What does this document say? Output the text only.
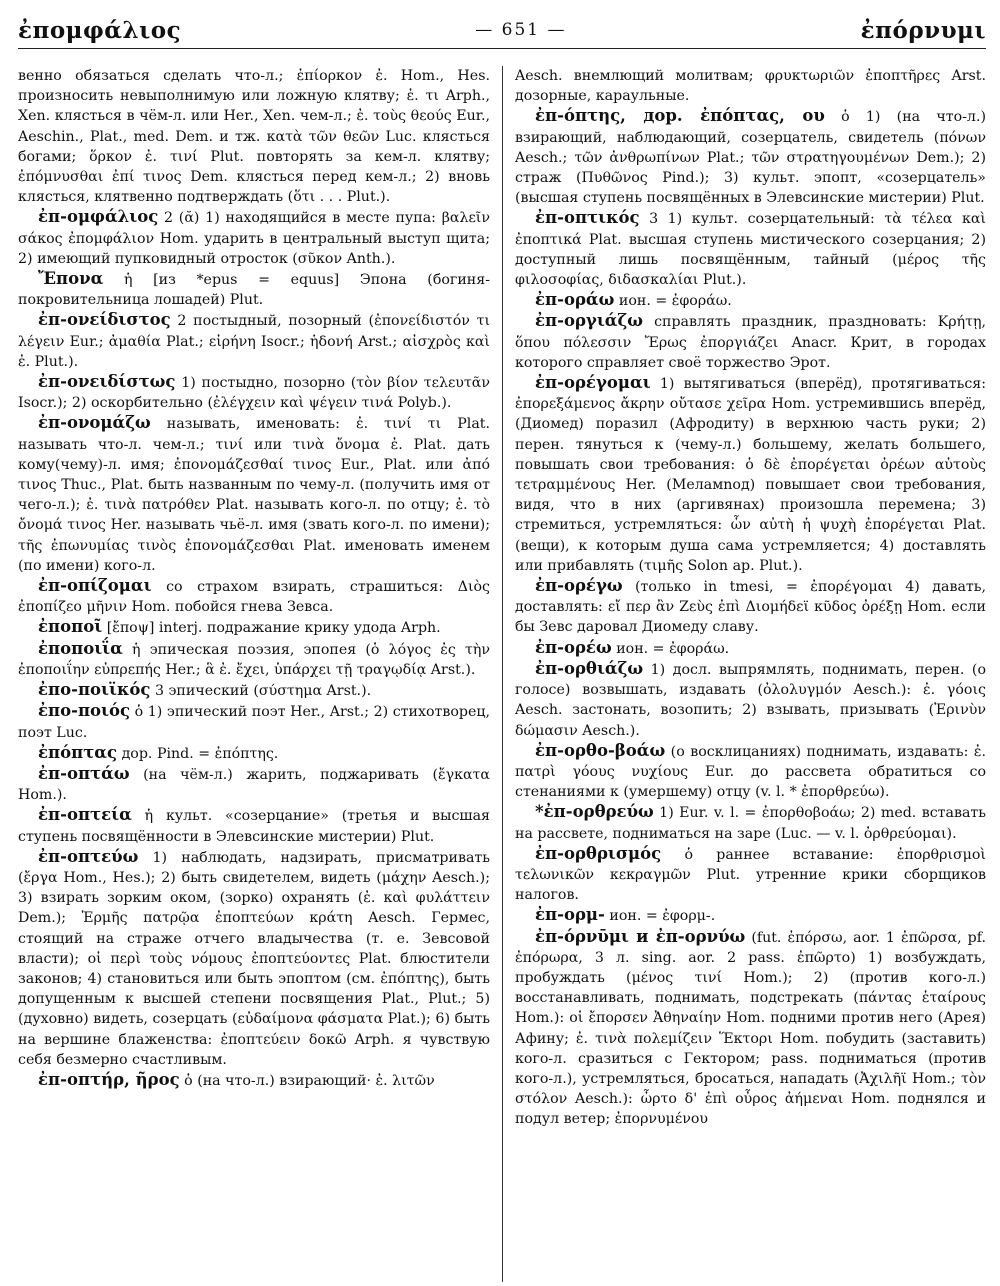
ἐπομφάλιος	— 651 —	ἐπόρνυμι

венно обязаться сделать что-л.; ἐπίορκον ἐ. Hom., Hes. произносить невыполнимую или ложную клятву; ἐ. τι Arph., Xen. клясться в чём-л. или Her., Xen. чем-л.; ἐ. τοὺς θεούς Eur., Aeschin., Plat., med. Dem. и тж. κατὰ τῶν θεῶν Luc. клясться богами; ὅρκον ἐ. τινί Plut. повторять за кем-л. клятву; ἐπόμνυσθαι ἐπί τινος Dem. клясться перед кем-л.; 2) вновь клясться, клятвенно подтверждать (ὅτι . . . Plut.).

ἐπ-ομφάλιος 2 (ᾰ) 1) находящийся в месте пупа: βαλεῖν σάκος ἐπομφάλιον Hom. ударить в центральный выступ щита; 2) имеющий пупковидный отросток (σῦκον Anth.).

Ἔπονα ἡ [из *epus = equus] Эпона (богиня-покровительница лошадей) Plut.

ἐπ-ονείδιστος 2 постыдный, позорный (ἐπονείδιστόν τι λέγειν Eur.; ἀμαθία Plat.; εἰρήνη Isocr.; ἡδονή Arst.; αἰσχρὸς καὶ ἐ. Plut.).

ἐπ-ονειδίστως 1) постыдно, позорно (τὸν βίον τελευτᾶν Isocr.); 2) оскорбительно (ἐλέγχειν καὶ ψέγειν τινά Polyb.).

ἐπ-ονομάζω называть, именовать: ἐ. τινί τι Plat. называть что-л. чем-л.; τινί или τινὰ ὄνομα ἐ. Plat. дать кому(чему)-л. имя; ἐπονομάζεσθαί τινος Eur., Plat. или ἀπό τινος Thuc., Plat. быть названным по чему-л. (получить имя от чего-л.); ἐ. τινὰ πατρόθεν Plat. называть кого-л. по отцу; ἐ. τὸ ὄνομά τινος Her. называть чьё-л. имя (звать кого-л. по имени); τῆς ἐπωνυμίας τινὸς ἐπονομάζεσθαι Plat. именовать именем (по имени) кого-л.

ἐπ-οπίζομαι со страхом взирать, страшиться: Διὸς ἐποπίζεο μῆνιν Hom. побойся гнева Зевса.

ἐποποῖ [ἔποψ] interj. подражание крику удода Arph.

ἐποποιΐα ἡ эпическая поэзия, эпопея (ὁ λόγος ἐς τὴν ἐποποιΐην εὐπρεπής Her.; ἃ ἐ. ἔχει, ὑπάρχει τῇ τραγῳδίᾳ Arst.).

ἐπο-ποιϊκός 3 эпический (σύστημα Arst.).

ἐπο-ποιός ὁ 1) эпический поэт Her., Arst.; 2) стихотворец, поэт Luc.

ἐπόπτας дор. Pind. = ἐπόπτης.

ἐπ-οπτάω (на чём-л.) жарить, поджаривать (ἔγκατα Hom.).

ἐπ-οπτεία ἡ культ. «созерцание» (третья и высшая ступень посвящённости в Элевсинские мистерии) Plut.

ἐπ-οπτεύω 1) наблюдать, надзирать, присматривать (ἔργα Hom., Hes.); 2) быть свидетелем, видеть (μάχην Aesch.); 3) взирать зорким оком, (зорко) охранять (ἐ. καὶ φυλάττειν Dem.); Ἑρμῆς πατρῷα ἐποπτεύων κράτη Aesch. Гермес, стоящий на страже отчего владычества (т. е. Зевсовой власти); οἱ περὶ τοὺς νόμους ἐποπτεύοντες Plat. блюстители законов; 4) становиться или быть эпоптом (см. ἐπόπτης), быть допущенным к высшей степени посвящения Plat., Plut.; 5) (духовно) видеть, созерцать (εὐδαίμονα φάσματα Plat.); 6) быть на вершине блаженства: ἐποπτεύειν δοκῶ Arph. я чувствую себя безмерно счастливым.

ἐπ-οπτήρ, ῆρος ὁ (на что-л.) взирающий· ἐ. λιτῶν

Aesch. внемлющий молитвам; φρυκτωριῶν ἐποπτῆρες Arst. дозорные, караульные.

ἐπ-όπτης, дор. ἐπόπτας, ου ὁ 1) (на что-л.) взирающий, наблюдающий, созерцатель, свидетель (πόνων Aesch.; τῶν ἀνθρωπίνων Plat.; τῶν στρατηγουμένων Dem.); 2) страж (Πυθῶνος Pind.); 3) культ. эпопт, «созерцатель» (высшая ступень посвящённых в Элевсинские мистерии) Plut.

ἐπ-οπτικός 3 1) культ. созерцательный: τὰ τέλεα καὶ ἐποπτικά Plat. высшая ступень мистического созерцания; 2) доступный лишь посвящённым, тайный (μέρος τῆς φιλοσοφίας, διδασκαλίαι Plut.).

ἐπ-οράω ион. = ἐφοράω.

ἐπ-οργιάζω справлять праздник, праздновать: Κρήτῃ, ὅπου πόλεσσιν Ἔρως ἐποργιάζει Anacr. Крит, в городах которого справляет своё торжество Эрот.

ἐπ-ορέγομαι 1) вытягиваться (вперёд), протягиваться: ἐπορεξάμενος ἄκρην οὔτασε χεῖρα Hom. устремившись вперёд, (Диомед) поразил (Афродиту) в верхнюю часть руки; 2) перен. тянуться к (чему-л.) большему, желать большего, повышать свои требования: ὁ δὲ ἐπορέγεται ὀρέων αὐτοὺς τετραμμένους Her. (Меламnoд) повышает свои требования, видя, что в них (аргивянах) произошла перемена; 3) стремиться, устремляться: ὧν αὐτὴ ἡ ψυχὴ ἐπορέγεται Plat. (вещи), к которым душа сама устремляется; 4) доставлять или прибавлять (τιμῆς Solon ap. Plut.).

ἐπ-ορέγω (только in tmesi, = ἐπορέγομαι 4) давать, доставлять: εἴ περ ἂν Ζεὺς ἐπὶ Διομήδεϊ κῦδος ὀρέξῃ Hom. если бы Зевс даровал Диомеду славу.

ἐπ-ορέω ион. = ἐφοράω.

ἐπ-ορθιάζω 1) досл. выпрямлять, поднимать, перен. (о голосе) возвышать, издавать (ὀλολυγμόν Aesch.): ἐ. γόοις Aesch. застонать, возопить; 2) взывать, призывать (Ἐρινὺν δώμασιν Aesch.).

ἐπ-ορθο-βοάω (о восклицаниях) поднимать, издавать: ἐ. πατρὶ γόους νυχίους Eur. до рассвета обратиться со стенаниями к (умершему) отцу (v. l. * ἐπορθρεύω).

*ἐπ-ορθρεύω 1) Eur. v. l. = ἐπορθοβοάω; 2) med. вставать на рассвете, подниматься на заре (Luc. — v. l. ὀρθρεύομαι).

ἐπ-ορθρισμός ὁ раннее вставание: ἐπορθρισμοὶ τελωνικῶν κεκραγμῶν Plut. утренние крики сборщиков налогов.

ἐπ-ορμ- ион. = ἐφορμ-.

ἐπ-όρνῡμι и ἐπ-ορνύω (fut. ἐπόρσω, aor. 1 ἐπῶρσα, pf. ἐπόρωρα, 3 л. sing. aor. 2 pass. ἐπῶρτο) 1) возбуждать, пробуждать (μένος τινί Hom.); 2) (против кого-л.) восстанавливать, поднимать, подстрекать (πάντας ἑταίρους Hom.): οἱ ἔπορσεν Ἀθηναίην Hom. подними против него (Арея) Афину; ἐ. τινὰ πολεμίζειν Ἕκτορι Hom. побудить (заставить) кого-л. сразиться с Гектором; pass. подниматься (против кого-л.), устремляться, бросаться, нападать (Ἀχιλῆϊ Hom.; τὸν στόλον Aesch.): ὦρτο δ' ἐπὶ οὖρος ἀήμεναι Hom. поднялся и подул ветер; ἐπορνυμένου
